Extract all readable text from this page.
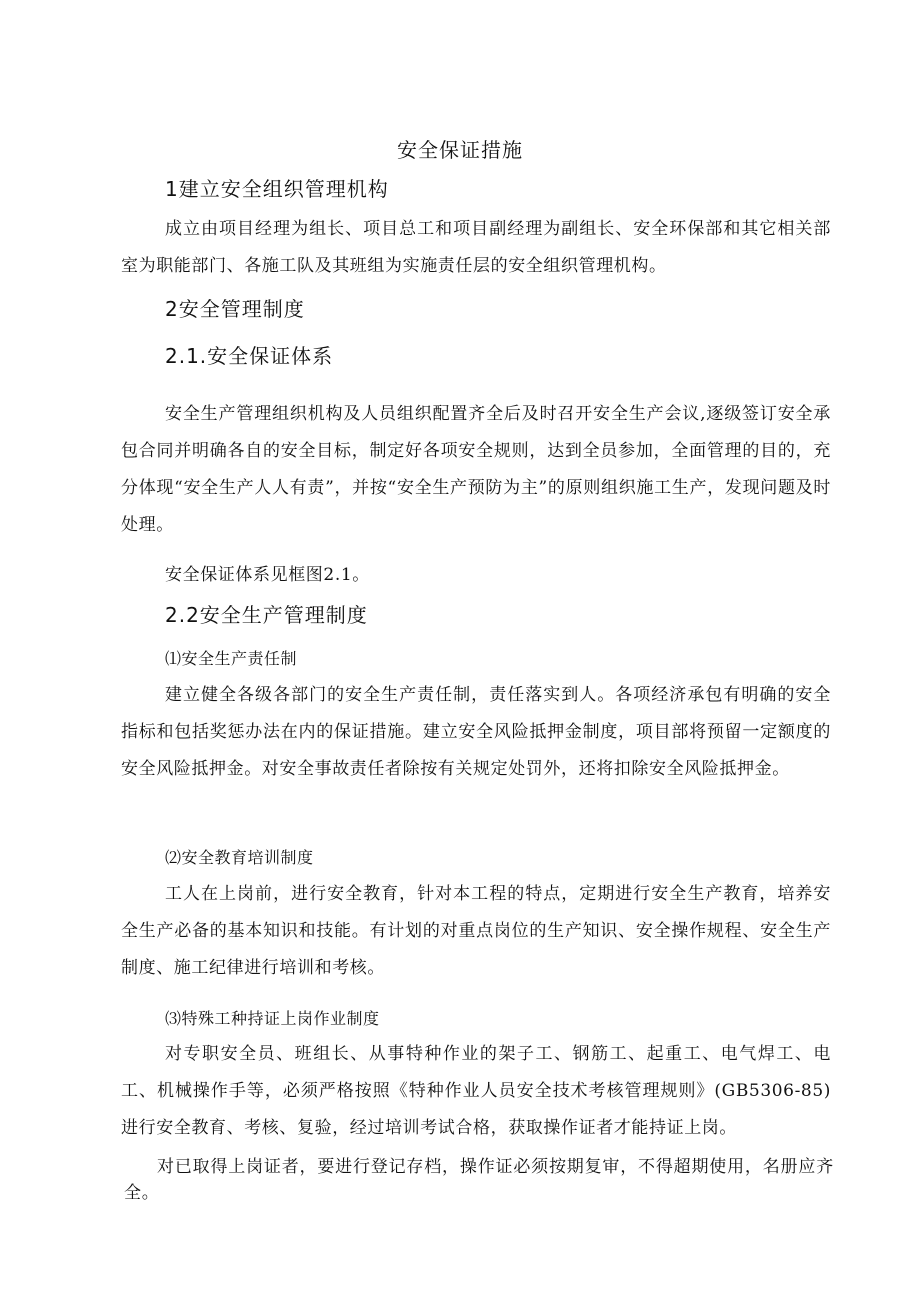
安全保证措施
1建立安全组织管理机构
成立由项目经理为组长、项目总工和项目副经理为副组长、安全环保部和其它相关部室为职能部门、各施工队及其班组为实施责任层的安全组织管理机构。
2安全管理制度
2.1.安全保证体系
安全生产管理组织机构及人员组织配置齐全后及时召开安全生产会议,逐级签订安全承包合同并明确各自的安全目标，制定好各项安全规则，达到全员参加，全面管理的目的，充分体现“安全生产人人有责”，并按“安全生产预防为主”的原则组织施工生产，发现问题及时处理。
安全保证体系见框图2.1。
2.2安全生产管理制度
⑴安全生产责任制
建立健全各级各部门的安全生产责任制，责任落实到人。各项经济承包有明确的安全指标和包括奖惩办法在内的保证措施。建立安全风险抵押金制度，项目部将预留一定额度的安全风险抵押金。对安全事故责任者除按有关规定处罚外，还将扣除安全风险抵押金。
⑵安全教育培训制度
工人在上岗前，进行安全教育，针对本工程的特点，定期进行安全生产教育，培养安全生产必备的基本知识和技能。有计划的对重点岗位的生产知识、安全操作规程、安全生产制度、施工纪律进行培训和考核。
⑶特殊工种持证上岗作业制度
对专职安全员、班组长、从事特种作业的架子工、钢筋工、起重工、电气焊工、电工、机械操作手等，必须严格按照《特种作业人员安全技术考核管理规则》(GB5306-85)进行安全教育、考核、复验，经过培训考试合格，获取操作证者才能持证上岗。
对已取得上岗证者，要进行登记存档，操作证必须按期复审，不得超期使用，名册应齐全。
